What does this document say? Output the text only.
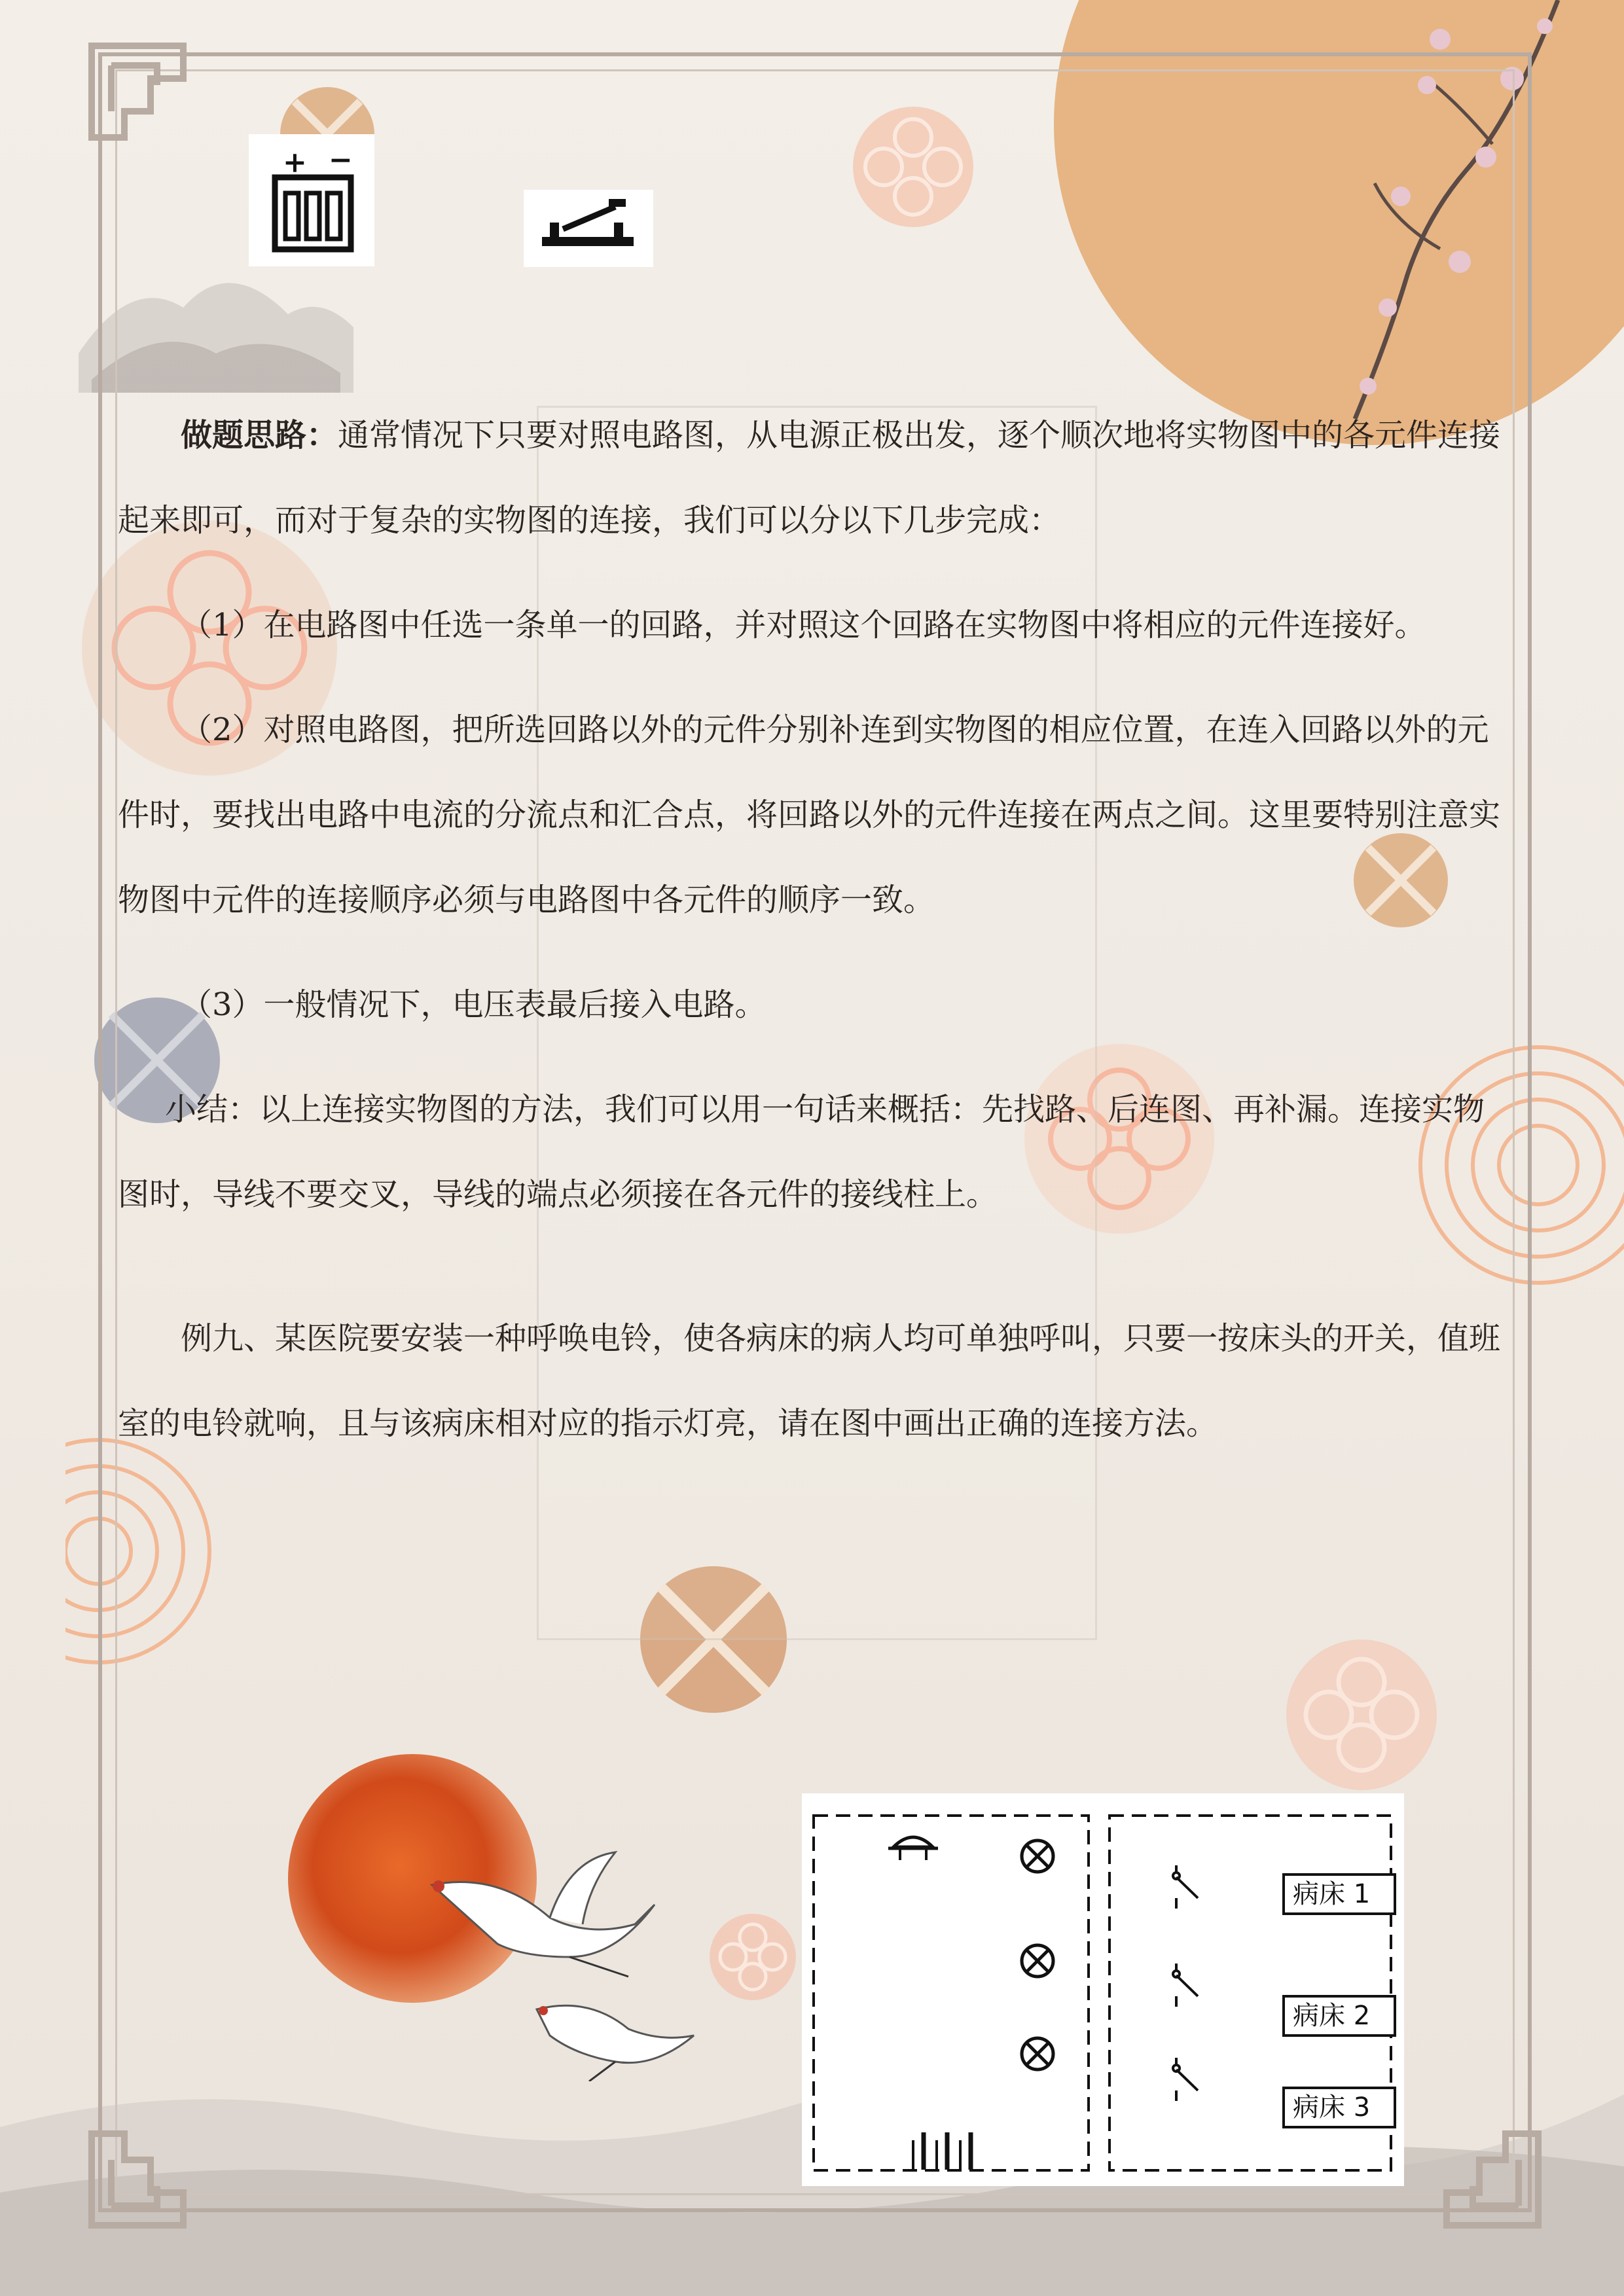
+ −

做题思路：通常情况下只要对照电路图，从电源正极出发，逐个顺次地将实物图中的各元件连接起来即可，而对于复杂的实物图的连接，我们可以分以下几步完成：

（1）在电路图中任选一条单一的回路，并对照这个回路在实物图中将相应的元件连接好。

（2）对照电路图，把所选回路以外的元件分别补连到实物图的相应位置，在连入回路以外的元件时，要找出电路中电流的分流点和汇合点，将回路以外的元件连接在两点之间。这里要特别注意实物图中元件的连接顺序必须与电路图中各元件的顺序一致。

（3）一般情况下，电压表最后接入电路。

小结：以上连接实物图的方法，我们可以用一句话来概括：先找路、后连图、再补漏。连接实物图时，导线不要交叉，导线的端点必须接在各元件的接线柱上。

例九、某医院要安装一种呼唤电铃，使各病床的病人均可单独呼叫，只要一按床头的开关，值班室的电铃就响，且与该病床相对应的指示灯亮，请在图中画出正确的连接方法。

病床 1
病床 2
病床 3
